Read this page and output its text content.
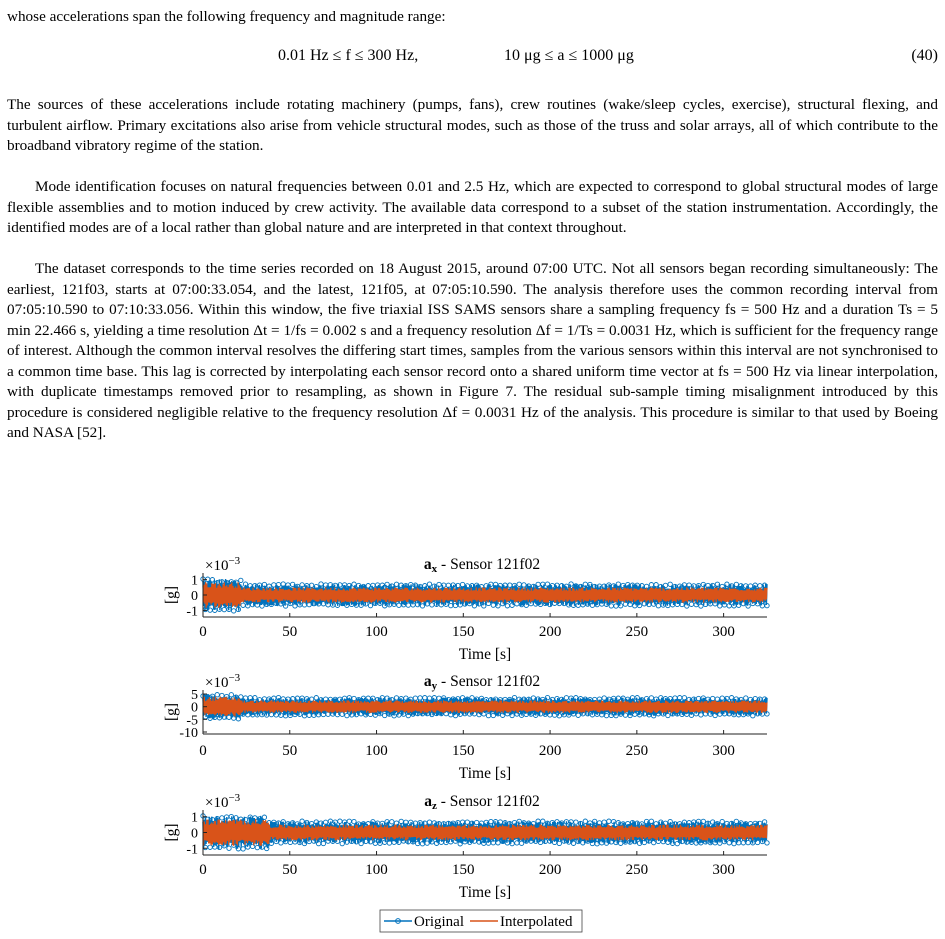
whose accelerations span the following frequency and magnitude range:
0.01 Hz ≤ f ≤ 300 Hz,	10 μg ≤ a ≤ 1000 μg	(40)

The sources of these accelerations include rotating machinery (pumps, fans), crew routines (wake/sleep cycles, exercise), structural flexing, and turbulent airflow. Primary excitations also arise from vehicle structural modes, such as those of the truss and solar arrays, all of which contribute to the broadband vibratory regime of the station.

Mode identification focuses on natural frequencies between 0.01 and 2.5 Hz, which are expected to correspond to global structural modes of large flexible assemblies and to motion induced by crew activity. The available data correspond to a subset of the station instrumentation. Accordingly, the identified modes are of a local rather than global nature and are interpreted in that context throughout.

The dataset corresponds to the time series recorded on 18 August 2015, around 07:00 UTC. Not all sensors began recording simultaneously: The earliest, 121f03, starts at 07:00:33.054, and the latest, 121f05, at 07:05:10.590. The analysis therefore uses the common recording interval from 07:05:10.590 to 07:10:33.056. Within this window, the five triaxial ISS SAMS sensors share a sampling frequency fs = 500 Hz and a duration Ts = 5 min 22.466 s, yielding a time resolution Δt = 1/fs = 0.002 s and a frequency resolution Δf = 1/Ts = 0.0031 Hz, which is sufficient for the frequency range of interest. Although the common interval resolves the differing start times, samples from the various sensors within this interval are not synchronised to a common time base. This lag is corrected by interpolating each sensor record onto a shared uniform time vector at fs = 500 Hz via linear interpolation, with duplicate timestamps removed prior to resampling, as shown in Figure 7. The residual sub-sample timing misalignment introduced by this procedure is considered negligible relative to the frequency resolution Δf = 0.0031 Hz of the analysis. This procedure is similar to that used by Boeing and NASA [52].

0	50	100	150	200	250	300
1
0
-1
$\times 10^{-3}$	ax - Sensor 121f02
Time [s]
[g]
0	50	100	150	200	250	300
5
0
-5
-10
$\times 10^{-3}$	ay - Sensor 121f02
Time [s]
[g]
0	50	100	150	200	250	300
1
0
-1
$\times 10^{-3}$	az - Sensor 121f02
Time [s]
[g]
Original Interpolated
